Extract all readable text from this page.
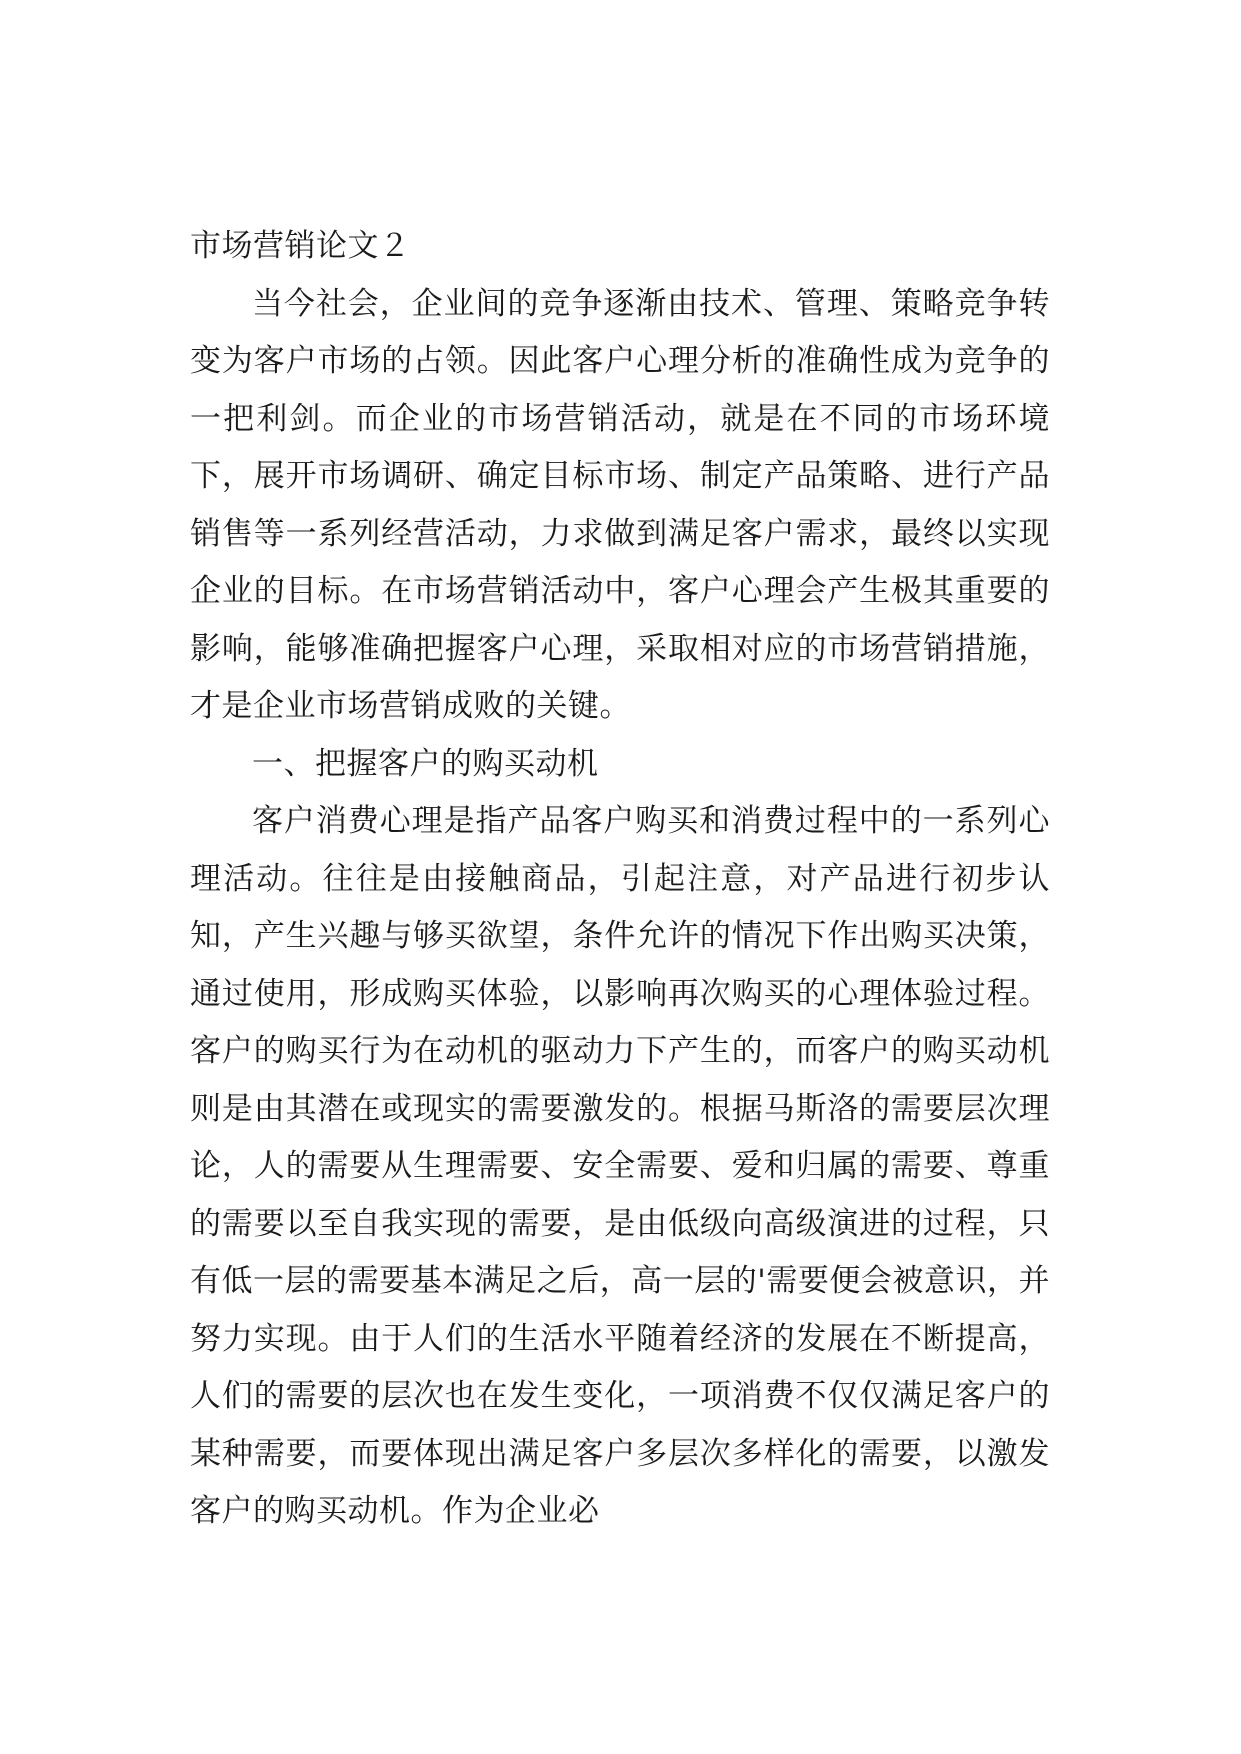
市场营销论文２

当今社会，企业间的竞争逐渐由技术、管理、策略竞争转变为客户市场的占领。因此客户心理分析的准确性成为竞争的一把利剑。而企业的市场营销活动，就是在不同的市场环境下，展开市场调研、确定目标市场、制定产品策略、进行产品销售等一系列经营活动，力求做到满足客户需求，最终以实现企业的目标。在市场营销活动中，客户心理会产生极其重要的影响，能够准确把握客户心理，采取相对应的市场营销措施，才是企业市场营销成败的关键。

一、把握客户的购买动机

客户消费心理是指产品客户购买和消费过程中的一系列心理活动。往往是由接触商品，引起注意，对产品进行初步认知，产生兴趣与够买欲望，条件允许的情况下作出购买决策，通过使用，形成购买体验，以影响再次购买的心理体验过程。客户的购买行为在动机的驱动力下产生的，而客户的购买动机则是由其潜在或现实的需要激发的。根据马斯洛的需要层次理论，人的需要从生理需要、安全需要、爱和归属的需要、尊重的需要以至自我实现的需要，是由低级向高级演进的过程，只有低一层的需要基本满足之后，高一层的'需要便会被意识，并努力实现。由于人们的生活水平随着经济的发展在不断提高，人们的需要的层次也在发生变化，一项消费不仅仅满足客户的某种需要，而要体现出满足客户多层次多样化的需要，以激发客户的购买动机。作为企业必
